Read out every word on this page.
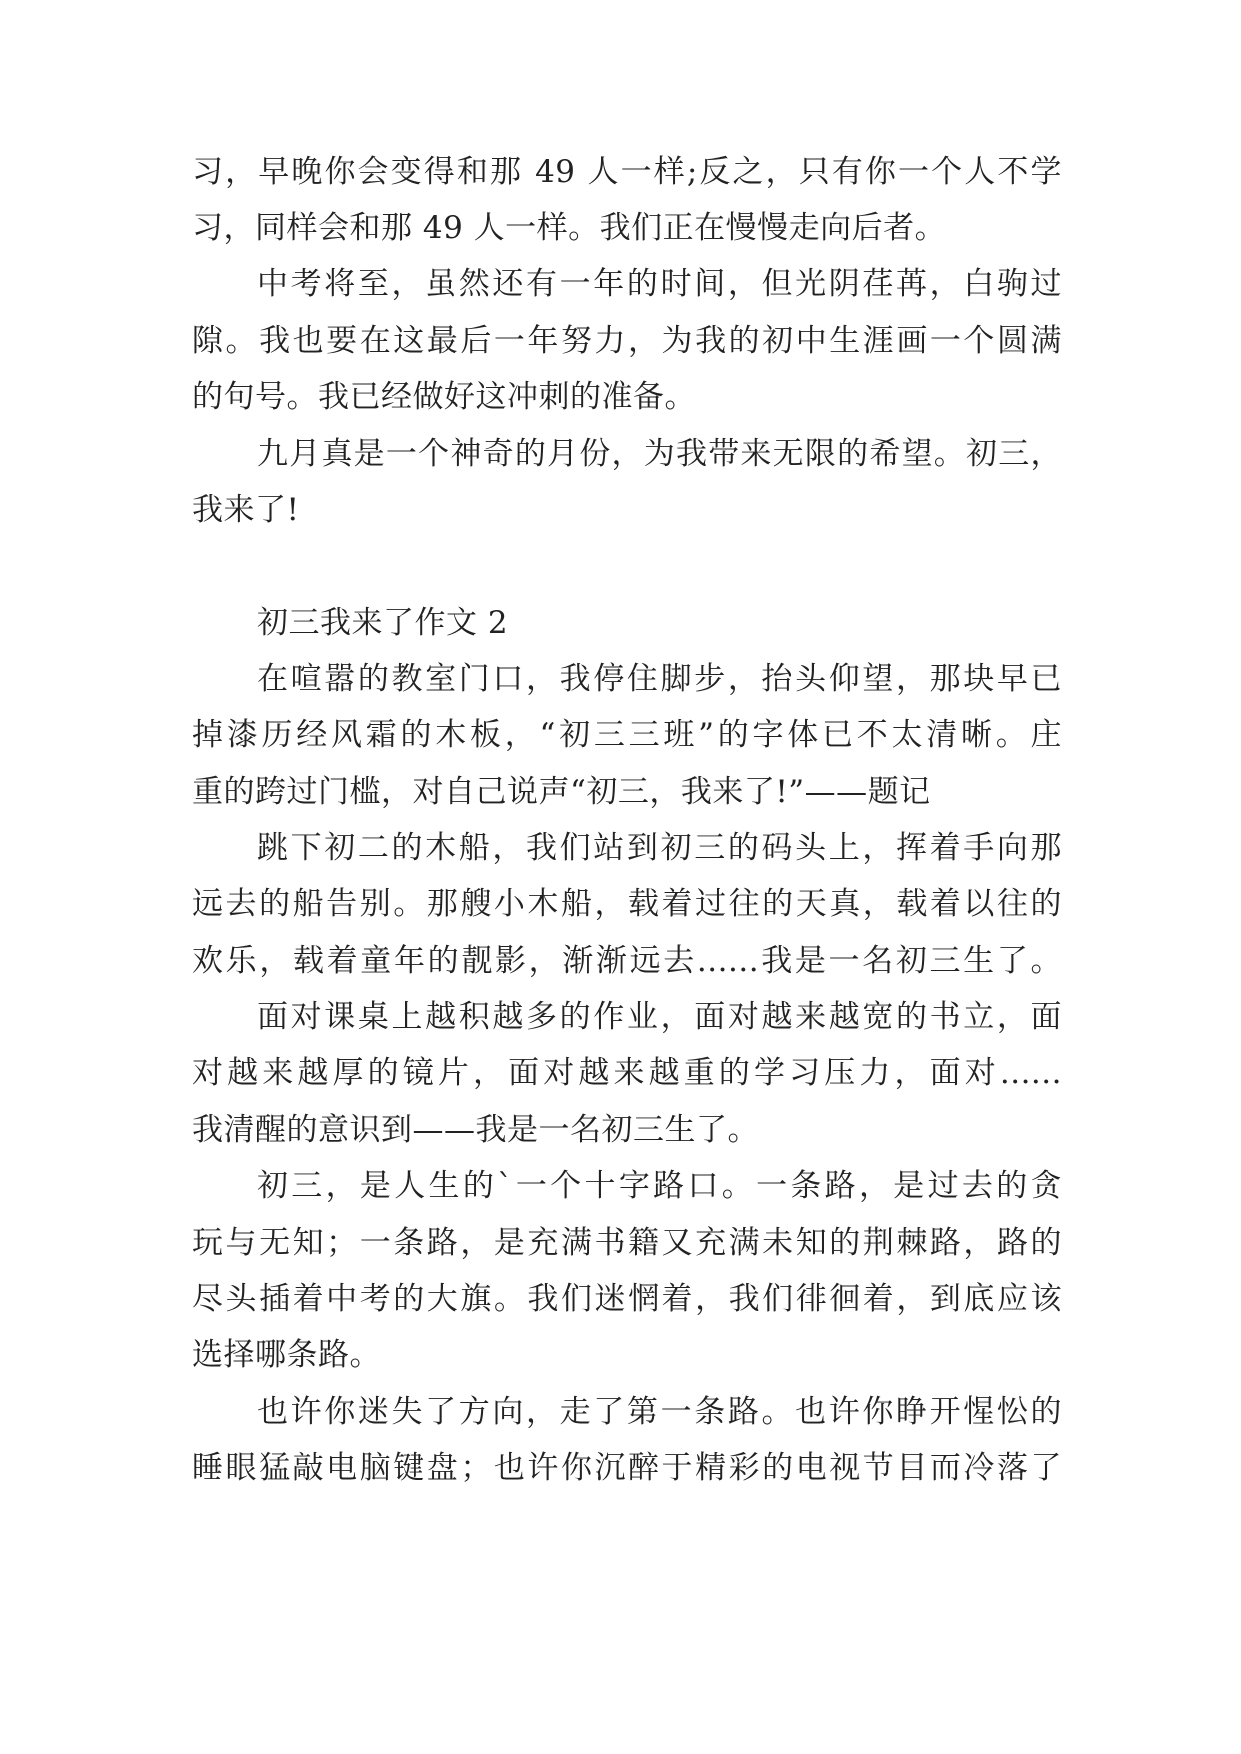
习，早晚你会变得和那 49 人一样;反之，只有你一个人不学
习，同样会和那 49 人一样。我们正在慢慢走向后者。
中考将至，虽然还有一年的时间，但光阴荏苒，白驹过
隙。我也要在这最后一年努力，为我的初中生涯画一个圆满
的句号。我已经做好这冲刺的准备。
九月真是一个神奇的月份，为我带来无限的希望。初三，
我来了!
初三我来了作文 2
在喧嚣的教室门口，我停住脚步，抬头仰望，那块早已
掉漆历经风霜的木板，“初三三班”的字体已不太清晰。庄
重的跨过门槛，对自己说声“初三，我来了!”——题记
跳下初二的木船，我们站到初三的码头上，挥着手向那
远去的船告别。那艘小木船，载着过往的天真，载着以往的
欢乐，载着童年的靓影，渐渐远去......我是一名初三生了。
面对课桌上越积越多的作业，面对越来越宽的书立，面
对越来越厚的镜片，面对越来越重的学习压力，面对......
我清醒的意识到——我是一名初三生了。
初三，是人生的`一个十字路口。一条路，是过去的贪
玩与无知；一条路，是充满书籍又充满未知的荆棘路，路的
尽头插着中考的大旗。我们迷惘着，我们徘徊着，到底应该
选择哪条路。
也许你迷失了方向，走了第一条路。也许你睁开惺忪的
睡眼猛敲电脑键盘；也许你沉醉于精彩的电视节目而冷落了
